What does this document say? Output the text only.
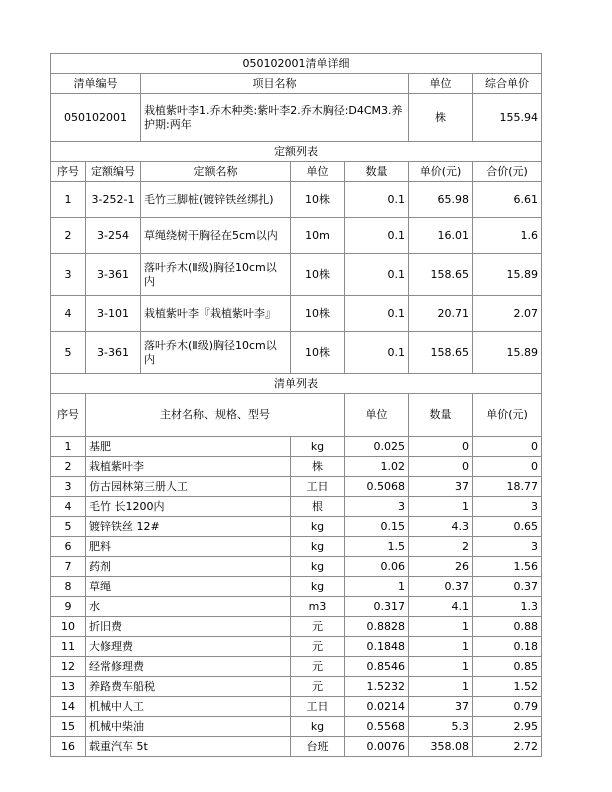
050102001清单详细							
清单编号		项目名称			单位	综合单价	
050102001		栽植紫叶李1.乔木种类:紫叶李2.乔木胸径:D4CM3.养护期:两年			株	155.94	
定额列表							
序号	定额编号	定额名称	单位	数量	单价(元)	合价(元)	
1	3-252-1	毛竹三脚桩(镀锌铁丝绑扎)	10株	0.1	65.98	6.61	
2	3-254	草绳绕树干胸径在5cm以内	10m	0.1	16.01	1.6	
3	3-361	落叶乔木(Ⅱ级)胸径10cm以内	10株	0.1	158.65	15.89	
4	3-101	栽植紫叶李『栽植紫叶李』	10株	0.1	20.71	2.07	
5	3-361	落叶乔木(Ⅱ级)胸径10cm以内	10株	0.1	158.65	15.89	
清单列表							
序号	主材名称、规格、型号			单位	数量	单价(元)	
1	基肥		kg	0.025	0	0	
2	栽植紫叶李		株	1.02	0	0	
3	仿古园林第三册人工		工日	0.5068	37	18.77	
4	毛竹 长1200内		根	3	1	3	
5	镀锌铁丝 12#		kg	0.15	4.3	0.65	
6	肥料		kg	1.5	2	3	
7	药剂		kg	0.06	26	1.56	
8	草绳		kg	1	0.37	0.37	
9	水		m3	0.317	4.1	1.3	
10	折旧费		元	0.8828	1	0.88	
11	大修理费		元	0.1848	1	0.18	
12	经常修理费		元	0.8546	1	0.85	
13	养路费车船税		元	1.5232	1	1.52	
14	机械中人工		工日	0.0214	37	0.79	
15	机械中柴油		kg	0.5568	5.3	2.95	
16	载重汽车 5t		台班	0.0076	358.08	2.72	
